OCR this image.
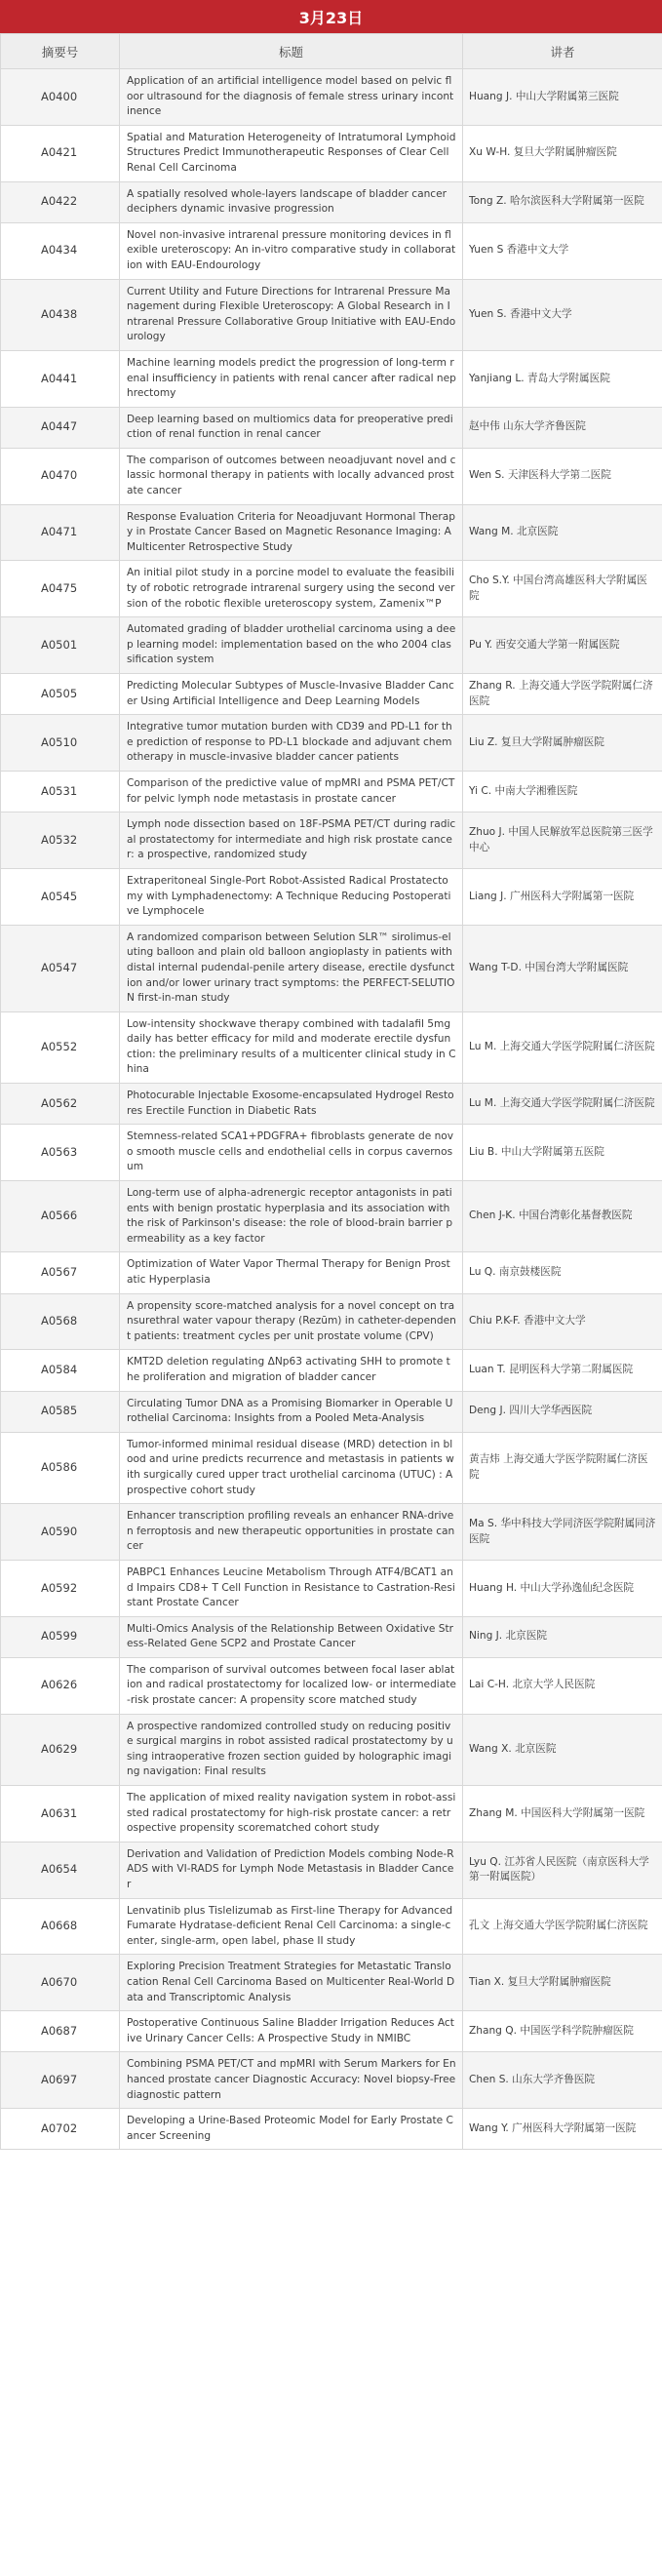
3月23日
摘要号	标题	讲者
A0400	Application of an artificial intelligence model based on pelvic floor ultrasound for the diagnosis of female stress urinary incontinence	Huang J. 中山大学附属第三医院
A0421	Spatial and Maturation Heterogeneity of Intratumoral Lymphoid Structures Predict Immunotherapeutic Responses of Clear Cell Renal Cell Carcinoma	Xu W-H. 复旦大学附属肿瘤医院
A0422	A spatially resolved whole-layers landscape of bladder cancer deciphers dynamic invasive progression	Tong Z. 哈尔滨医科大学附属第一医院
A0434	Novel non-invasive intrarenal pressure monitoring devices in flexible ureteroscopy: An in-vitro comparative study in collaboration with EAU-Endourology	Yuen S 香港中文大学
A0438	Current Utility and Future Directions for Intrarenal Pressure Management during Flexible Ureteroscopy: A Global Research in Intrarenal Pressure Collaborative Group Initiative with EAU-Endourology	Yuen S. 香港中文大学
A0441	Machine learning models predict the progression of long-term renal insufficiency in patients with renal cancer after radical nephrectomy	Yanjiang L. 青岛大学附属医院
A0447	Deep learning based on multiomics data for preoperative prediction of renal function in renal cancer	赵中伟 山东大学齐鲁医院
A0470	The comparison of outcomes between neoadjuvant novel and classic hormonal therapy in patients with locally advanced prostate cancer	Wen S. 天津医科大学第二医院
A0471	Response Evaluation Criteria for Neoadjuvant Hormonal Therapy in Prostate Cancer Based on Magnetic Resonance Imaging: A Multicenter Retrospective Study	Wang M. 北京医院
A0475	An initial pilot study in a porcine model to evaluate the feasibility of robotic retrograde intrarenal surgery using the second version of the robotic flexible ureteroscopy system, Zamenix™P	Cho S.Y. 中国台湾高雄医科大学附属医院
A0501	Automated grading of bladder urothelial carcinoma using a deep learning model: implementation based on the who 2004 classification system	Pu Y. 西安交通大学第一附属医院
A0505	Predicting Molecular Subtypes of Muscle-Invasive Bladder Cancer Using Artificial Intelligence and Deep Learning Models	Zhang R. 上海交通大学医学院附属仁济医院
A0510	Integrative tumor mutation burden with CD39 and PD-L1 for the prediction of response to PD-L1 blockade and adjuvant chemotherapy in muscle-invasive bladder cancer patients	Liu Z. 复旦大学附属肿瘤医院
A0531	Comparison of the predictive value of mpMRI and PSMA PET/CT for pelvic lymph node metastasis in prostate cancer	Yi C. 中南大学湘雅医院
A0532	Lymph node dissection based on 18F-PSMA PET/CT during radical prostatectomy for intermediate and high risk prostate cancer: a prospective, randomized study	Zhuo J. 中国人民解放军总医院第三医学中心
A0545	Extraperitoneal Single-Port Robot-Assisted Radical Prostatectomy with Lymphadenectomy: A Technique Reducing Postoperative Lymphocele	Liang J. 广州医科大学附属第一医院
A0547	A randomized comparison between Selution SLR™ sirolimus-eluting balloon and plain old balloon angioplasty in patients with distal internal pudendal-penile artery disease, erectile dysfunction and/or lower urinary tract symptoms: the PERFECT-SELUTION first-in-man study	Wang T-D. 中国台湾大学附属医院
A0552	Low-intensity shockwave therapy combined with tadalafil 5mg daily has better efficacy for mild and moderate erectile dysfunction: the preliminary results of a multicenter clinical study in China	Lu M. 上海交通大学医学院附属仁济医院
A0562	Photocurable Injectable Exosome-encapsulated Hydrogel Restores Erectile Function in Diabetic Rats	Lu M. 上海交通大学医学院附属仁济医院
A0563	Stemness-related SCA1+PDGFRA+ fibroblasts generate de novo smooth muscle cells and endothelial cells in corpus cavernosum	Liu B. 中山大学附属第五医院
A0566	Long-term use of alpha-adrenergic receptor antagonists in patients with benign prostatic hyperplasia and its association with the risk of Parkinson's disease: the role of blood-brain barrier permeability as a key factor	Chen J-K. 中国台湾彰化基督教医院
A0567	Optimization of Water Vapor Thermal Therapy for Benign Prostatic Hyperplasia	Lu Q. 南京鼓楼医院
A0568	A propensity score-matched analysis for a novel concept on transurethral water vapour therapy (Rezūm) in catheter-dependent patients: treatment cycles per unit prostate volume (CPV)	Chiu P.K-F. 香港中文大学
A0584	KMT2D deletion regulating ΔNp63 activating SHH to promote the proliferation and migration of bladder cancer	Luan T. 昆明医科大学第二附属医院
A0585	Circulating Tumor DNA as a Promising Biomarker in Operable Urothelial Carcinoma: Insights from a Pooled Meta-Analysis	Deng J. 四川大学华西医院
A0586	Tumor-informed minimal residual disease (MRD) detection in blood and urine predicts recurrence and metastasis in patients with surgically cured upper tract urothelial carcinoma (UTUC) : A prospective cohort study	黄吉炜 上海交通大学医学院附属仁济医院
A0590	Enhancer transcription profiling reveals an enhancer RNA-driven ferroptosis and new therapeutic opportunities in prostate cancer	Ma S. 华中科技大学同济医学院附属同济医院
A0592	PABPC1 Enhances Leucine Metabolism Through ATF4/BCAT1 and Impairs CD8+ T Cell Function in Resistance to Castration-Resistant Prostate Cancer	Huang H. 中山大学孙逸仙纪念医院
A0599	Multi-Omics Analysis of the Relationship Between Oxidative Stress-Related Gene SCP2 and Prostate Cancer	Ning J. 北京医院
A0626	The comparison of survival outcomes between focal laser ablation and radical prostatectomy for localized low- or intermediate-risk prostate cancer: A propensity score matched study	Lai C-H. 北京大学人民医院
A0629	A prospective randomized controlled study on reducing positive surgical margins in robot assisted radical prostatectomy by using intraoperative frozen section guided by holographic imaging navigation: Final results	Wang X. 北京医院
A0631	The application of mixed reality navigation system in robot-assisted radical prostatectomy for high-risk prostate cancer: a retrospective propensity scorematched cohort study	Zhang M. 中国医科大学附属第一医院
A0654	Derivation and Validation of Prediction Models combing Node-RADS with VI-RADS for Lymph Node Metastasis in Bladder Cancer	Lyu Q. 江苏省人民医院（南京医科大学第一附属医院）
A0668	Lenvatinib plus Tislelizumab as First-line Therapy for Advanced Fumarate Hydratase-deficient Renal Cell Carcinoma: a single-center, single-arm, open label, phase II study	孔文 上海交通大学医学院附属仁济医院
A0670	Exploring Precision Treatment Strategies for Metastatic Translocation Renal Cell Carcinoma Based on Multicenter Real-World Data and Transcriptomic Analysis	Tian X. 复旦大学附属肿瘤医院
A0687	Postoperative Continuous Saline Bladder Irrigation Reduces Active Urinary Cancer Cells: A Prospective Study in NMIBC	Zhang Q. 中国医学科学院肿瘤医院
A0697	Combining PSMA PET/CT and mpMRI with Serum Markers for Enhanced prostate cancer Diagnostic Accuracy: Novel biopsy-Free diagnostic pattern	Chen S. 山东大学齐鲁医院
A0702	Developing a Urine-Based Proteomic Model for Early Prostate Cancer Screening	Wang Y. 广州医科大学附属第一医院
